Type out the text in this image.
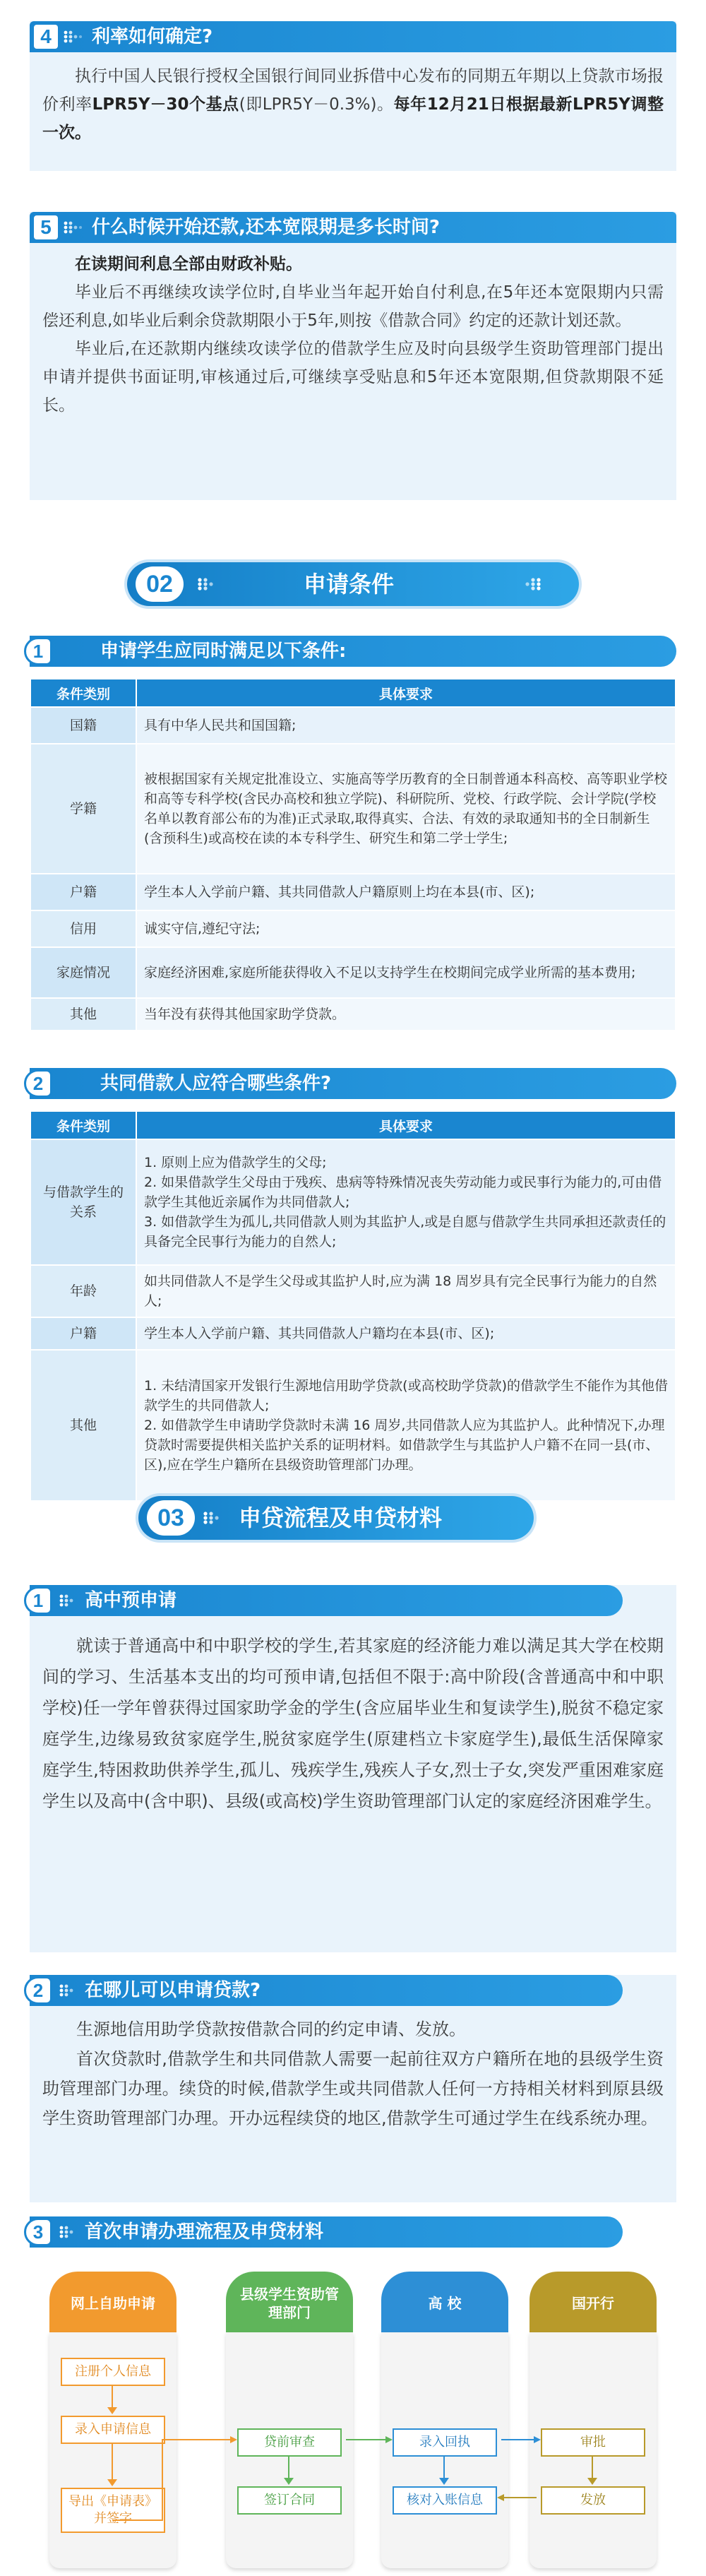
4	利率如何确定?

执行中国人民银行授权全国银行间同业拆借中心发布的同期五年期以上贷款市场报价利率LPR5Y－30个基点(即LPR5Y－0.3%)。每年12月21日根据最新LPR5Y调整一次。

5	什么时候开始还款,还本宽限期是多长时间?

在读期间利息全部由财政补贴。

毕业后不再继续攻读学位时,自毕业当年起开始自付利息,在5年还本宽限期内只需偿还利息,如毕业后剩余贷款期限小于5年,则按《借款合同》约定的还款计划还款。

毕业后,在还款期内继续攻读学位的借款学生应及时向县级学生资助管理部门提出申请并提供书面证明,审核通过后,可继续享受贴息和5年还本宽限期,但贷款期限不延长。

02	申请条件
1	申请学生应同时满足以下条件:
条件类别	具体要求
国籍	具有中华人民共和国国籍;
学籍	被根据国家有关规定批准设立、实施高等学历教育的全日制普通本科高校、高等职业学校和高等专科学校(含民办高校和独立学院)、科研院所、党校、行政学院、会计学院(学校名单以教育部公布的为准)正式录取,取得真实、合法、有效的录取通知书的全日制新生(含预科生)或高校在读的本专科学生、研究生和第二学士学生;
户籍	学生本人入学前户籍、其共同借款人户籍原则上均在本县(市、区);
信用	诚实守信,遵纪守法;
家庭情况	家庭经济困难,家庭所能获得收入不足以支持学生在校期间完成学业所需的基本费用;
其他	当年没有获得其他国家助学贷款。
2	共同借款人应符合哪些条件?
条件类别	具体要求
与借款学生的关系	1. 原则上应为借款学生的父母;
2. 如果借款学生父母由于残疾、患病等特殊情况丧失劳动能力或民事行为能力的,可由借款学生其他近亲属作为共同借款人;
3. 如借款学生为孤儿,共同借款人则为其监护人,或是自愿与借款学生共同承担还款责任的具备完全民事行为能力的自然人;

年龄	如共同借款人不是学生父母或其监护人时,应为满 18 周岁具有完全民事行为能力的自然人;

户籍	学生本人入学前户籍、其共同借款人户籍均在本县(市、区);

其他	1. 未结清国家开发银行生源地信用助学贷款(或高校助学贷款)的借款学生不能作为其他借款学生的共同借款人;
2. 如借款学生申请助学贷款时未满 16 周岁,共同借款人应为其监护人。此种情况下,办理贷款时需要提供相关监护关系的证明材料。如借款学生与其监护人户籍不在同一县(市、区),应在学生户籍所在县级资助管理部门办理。
03	申贷流程及申贷材料
1	高中预申请

就读于普通高中和中职学校的学生,若其家庭的经济能力难以满足其大学在校期间的学习、生活基本支出的均可预申请,包括但不限于:高中阶段(含普通高中和中职学校)任一学年曾获得过国家助学金的学生(含应届毕业生和复读学生),脱贫不稳定家庭学生,边缘易致贫家庭学生,脱贫家庭学生(原建档立卡家庭学生),最低生活保障家庭学生,特困救助供养学生,孤儿、残疾学生,残疾人子女,烈士子女,突发严重困难家庭学生以及高中(含中职)、县级(或高校)学生资助管理部门认定的家庭经济困难学生。

2	在哪儿可以申请贷款?

生源地信用助学贷款按借款合同的约定申请、发放。

首次贷款时,借款学生和共同借款人需要一起前往双方户籍所在地的县级学生资助管理部门办理。续贷的时候,借款学生或共同借款人任何一方持相关材料到原县级学生资助管理部门办理。开办远程续贷的地区,借款学生可通过学生在线系统办理。

3	首次申请办理流程及申贷材料
网上自助申请
注册个人信息
录入申请信息
导出《申请表》并签字
县级学生资助管理部门
贷前审查
签订合同
高 校
录入回执
核对入账信息
国开行
审批
发放
